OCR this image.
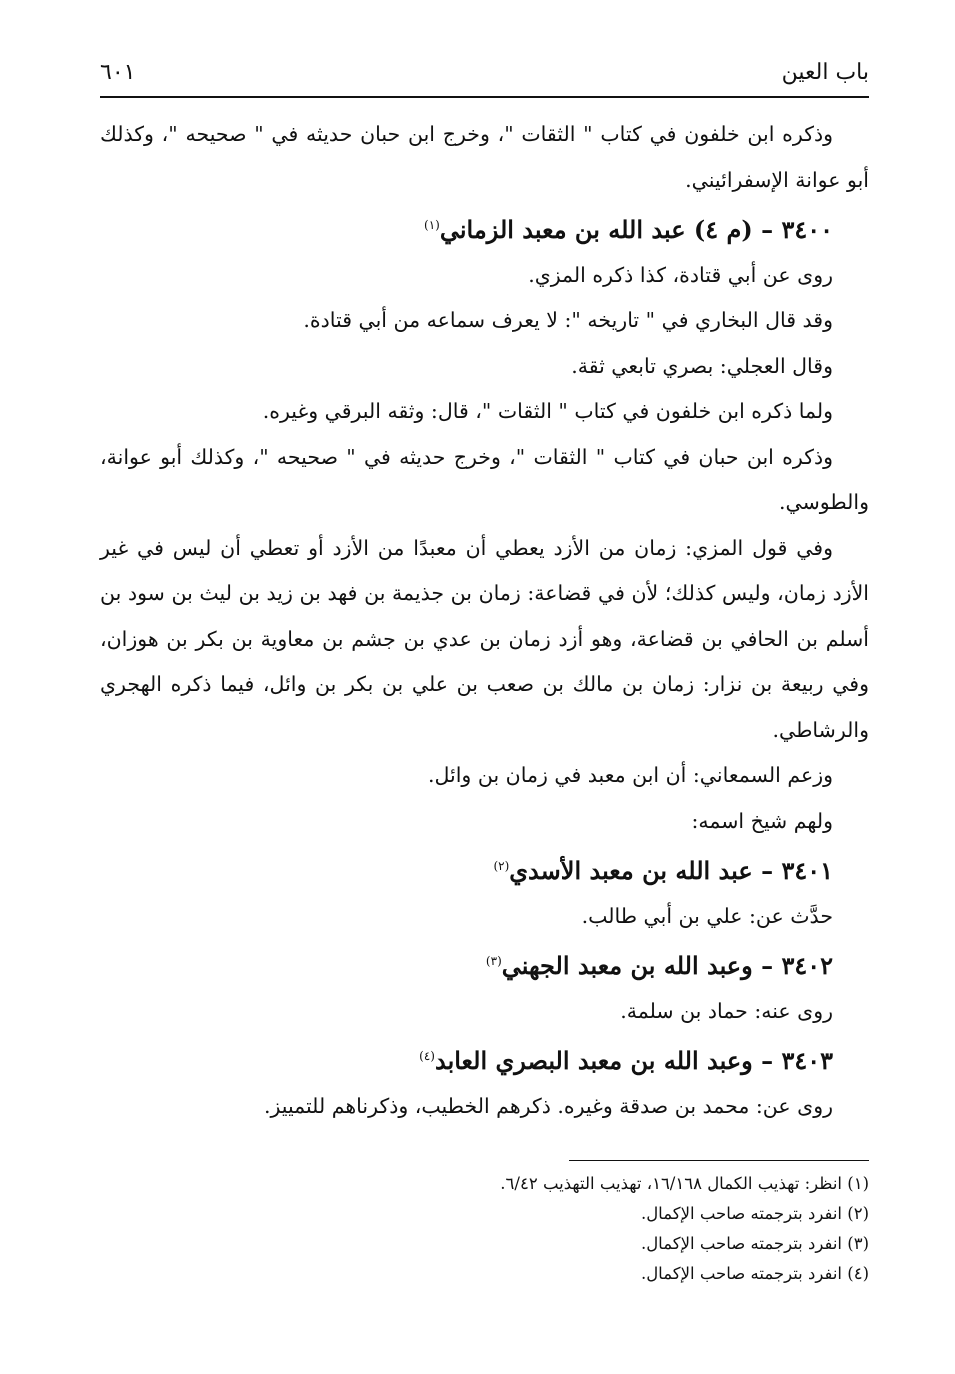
باب العين
٦٠١

وذكره ابن خلفون في كتاب " الثقات "، وخرج ابن حبان حديثه في " صحيحه "، وكذلك أبو عوانة الإسفرائيني.

٣٤٠٠ – (م ٤) عبد الله بن معبد الزماني$^{(١)}$

روى عن أبي قتادة، كذا ذكره المزي.

وقد قال البخاري في " تاريخه ": لا يعرف سماعه من أبي قتادة.

وقال العجلي: بصري تابعي ثقة.

ولما ذكره ابن خلفون في كتاب " الثقات "، قال: وثقه البرقي وغيره.

وذكره ابن حبان في كتاب " الثقات "، وخرج حديثه في " صحيحه "، وكذلك أبو عوانة، والطوسي.

وفي قول المزي: زمان من الأزد يعطي أن معبدًا من الأزد أو تعطي أن ليس في غير الأزد زمان، وليس كذلك؛ لأن في قضاعة: زمان بن جذيمة بن فهد بن زيد بن ليث بن سود بن أسلم بن الحافي بن قضاعة، وهو أزد زمان بن عدي بن جشم بن معاوية بن بكر بن هوزان، وفي ربيعة بن نزار: زمان بن مالك بن صعب بن علي بن بكر بن وائل، فيما ذكره الهجري والرشاطي.

وزعم السمعاني: أن ابن معبد في زمان بن وائل.

ولهم شيخ اسمه:

٣٤٠١ – عبد الله بن معبد الأسدي$^{(٢)}$

حدَّث عن: علي بن أبي طالب.

٣٤٠٢ – وعبد الله بن معبد الجهني$^{(٣)}$

روى عنه: حماد بن سلمة.

٣٤٠٣ – وعبد الله بن معبد البصري العابد$^{(٤)}$

روى عن: محمد بن صدقة وغيره. ذكرهم الخطيب، وذكرناهم للتمييز.

(١) انظر: تهذيب الكمال ١٦/١٦٨، تهذيب التهذيب ٦/٤٢.

(٢) انفرد بترجمته صاحب الإكمال.

(٣) انفرد بترجمته صاحب الإكمال.

(٤) انفرد بترجمته صاحب الإكمال.
